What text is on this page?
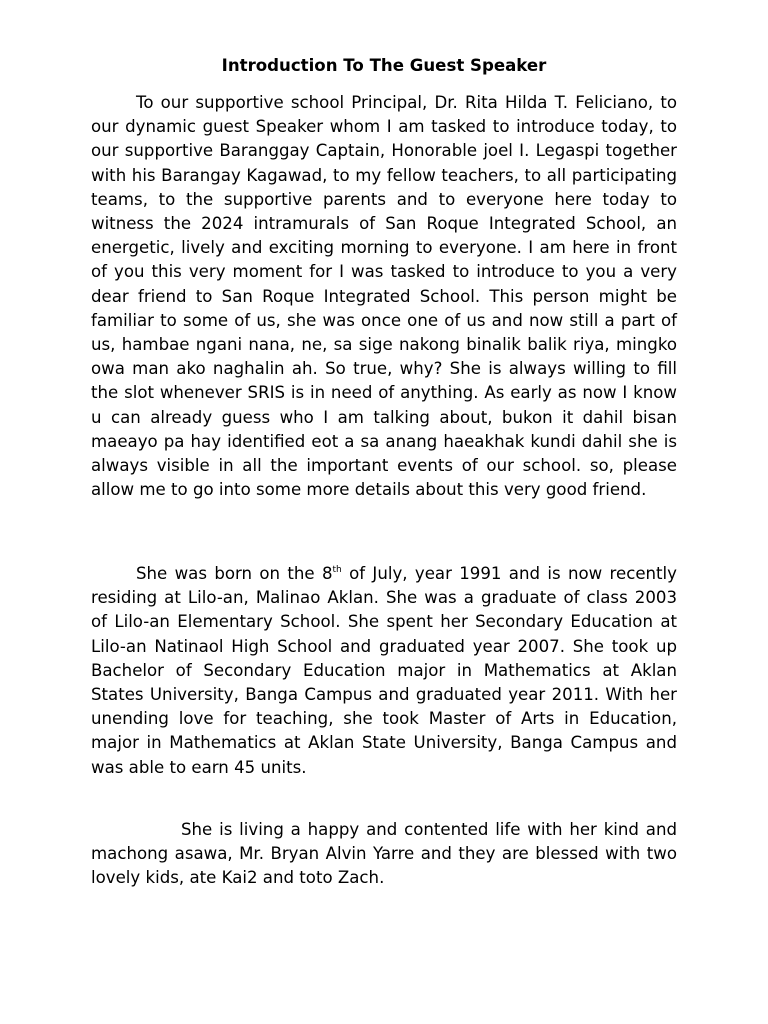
Introduction To The Guest Speaker

To our supportive school Principal, Dr. Rita Hilda T. Feliciano, to our dynamic guest Speaker whom I am tasked to introduce today, to our supportive Baranggay Captain, Honorable joel I. Legaspi together with his Barangay Kagawad, to my fellow teachers, to all participating teams, to the supportive parents and to everyone here today to witness the 2024 intramurals of San Roque Integrated School, an energetic, lively and exciting morning to everyone. I am here in front of you this very moment for I was tasked to introduce to you a very dear friend to San Roque Integrated School. This person might be familiar to some of us, she was once one of us and now still a part of us, hambae ngani nana, ne, sa sige nakong binalik balik riya, mingko owa man ako naghalin ah. So true, why? She is always willing to fill the slot whenever SRIS is in need of anything. As early as now I know u can already guess who I am talking about, bukon it dahil bisan maeayo pa hay identified eot a sa anang haeakhak kundi dahil she is always visible in all the important events of our school. so, please allow me to go into some more details about this very good friend.

She was born on the 8th of July, year 1991 and is now recently residing at Lilo-an, Malinao Aklan. She was a graduate of class 2003 of Lilo-an Elementary School. She spent her Secondary Education at Lilo-an Natinaol High School and graduated year 2007. She took up Bachelor of Secondary Education major in Mathematics at Aklan States University, Banga Campus and graduated year 2011. With her unending love for teaching, she took Master of Arts in Education, major in Mathematics at Aklan State University, Banga Campus and was able to earn 45 units.

She is living a happy and contented life with her kind and machong asawa, Mr. Bryan Alvin Yarre and they are blessed with two lovely kids, ate Kai2 and toto Zach.
